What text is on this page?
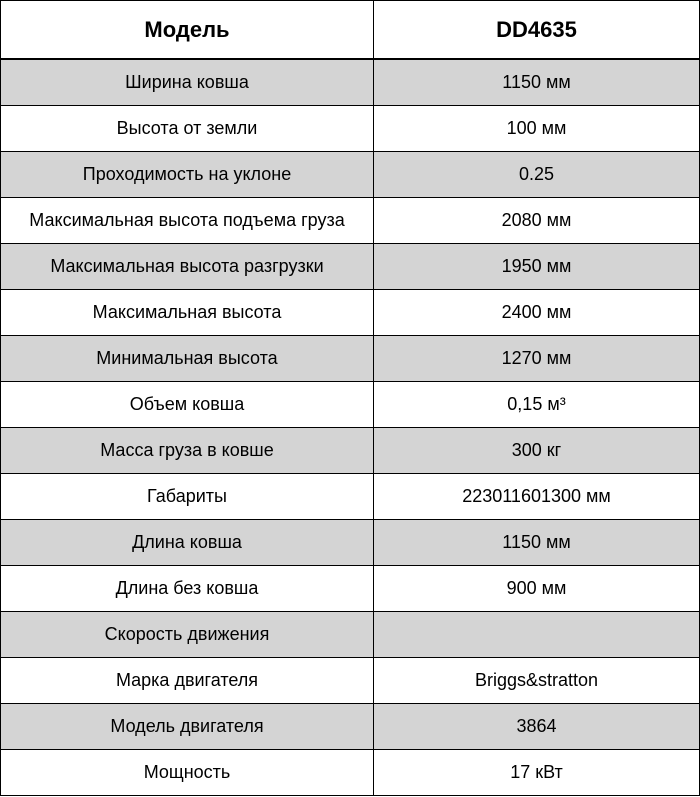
Модель	DD4635
Ширина ковша	1150 мм
Высота от земли	100 мм
Проходимость на уклоне	0.25
Максимальная высота подъема груза	2080 мм
Максимальная высота разгрузки	1950 мм
Максимальная высота	2400 мм
Минимальная высота	1270 мм
Объем ковша	0,15 м³
Масса груза в ковше	300 кг
Габариты	223011601300 мм
Длина ковша	1150 мм
Длина без ковша	900 мм
Скорость движения	
Марка двигателя	Briggs&stratton
Модель двигателя	3864
Мощность	17 кВт
